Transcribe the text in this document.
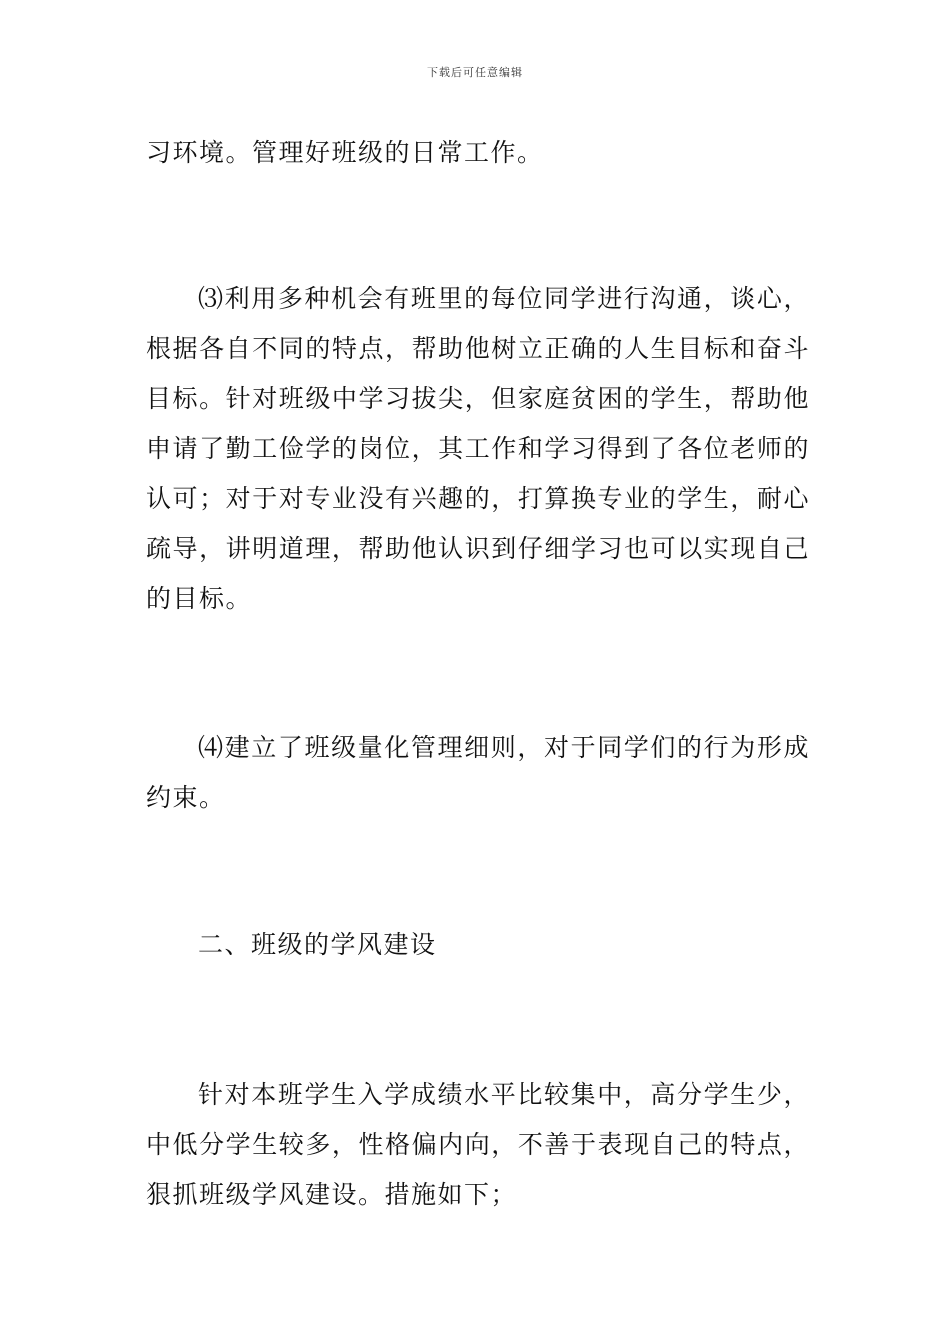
下载后可任意编辑
习环境。管理好班级的日常工作。
⑶利用多种机会有班里的每位同学进行沟通，谈心，
根据各自不同的特点，帮助他树立正确的人生目标和奋斗
目标。针对班级中学习拔尖，但家庭贫困的学生，帮助他
申请了勤工俭学的岗位，其工作和学习得到了各位老师的
认可；对于对专业没有兴趣的，打算换专业的学生，耐心
疏导，讲明道理，帮助他认识到仔细学习也可以实现自己
的目标。
⑷建立了班级量化管理细则，对于同学们的行为形成
约束。
二、班级的学风建设
针对本班学生入学成绩水平比较集中，高分学生少，
中低分学生较多，性格偏内向，不善于表现自己的特点，
狠抓班级学风建设。措施如下；
